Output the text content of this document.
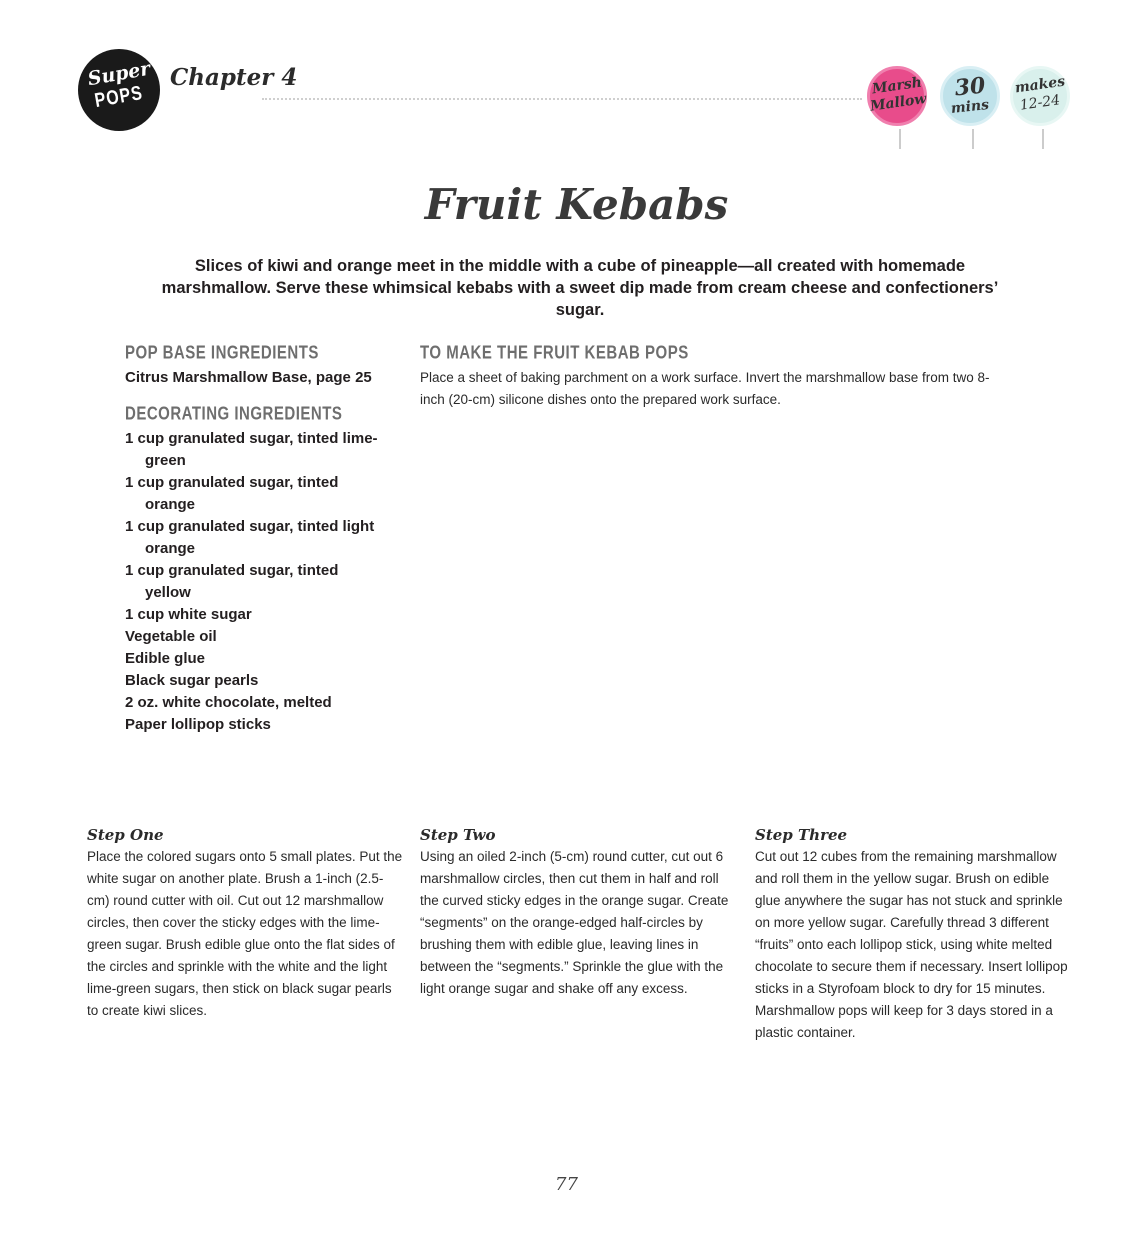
Super
POPS
Chapter 4	Marsh
Mallow
30
mins
makes
12-24
Fruit Kebabs
Slices of kiwi and orange meet in the middle with a cube of pineapple—all created with homemade marshmallow. Serve these whimsical kebabs with a sweet dip made from cream cheese and confectioners’ sugar.
POP BASE INGREDIENTS
Citrus Marshmallow Base, page 25
DECORATING INGREDIENTS
1 cup granulated sugar, tinted lime-green
1 cup granulated sugar, tinted orange
1 cup granulated sugar, tinted light orange
1 cup granulated sugar, tinted yellow
1 cup white sugar
Vegetable oil
Edible glue
Black sugar pearls
2 oz. white chocolate, melted
Paper lollipop sticks
TO MAKE THE FRUIT KEBAB POPS
Place a sheet of baking parchment on a work surface. Invert the marshmallow base from two 8-inch (20-cm) silicone dishes onto the prepared work surface.
Step One
Place the colored sugars onto 5 small plates. Put the white sugar on another plate. Brush a 1-inch (2.5-cm) round cutter with oil. Cut out 12 marshmallow circles, then cover the sticky edges with the lime-green sugar. Brush edible glue onto the flat sides of the circles and sprinkle with the white and the light lime-green sugars, then stick on black sugar pearls to create kiwi slices.
Step Two
Using an oiled 2-inch (5-cm) round cutter, cut out 6 marshmallow circles, then cut them in half and roll the curved sticky edges in the orange sugar. Create “segments” on the orange-edged half-circles by brushing them with edible glue, leaving lines in between the “segments.” Sprinkle the glue with the light orange sugar and shake off any excess.
Step Three
Cut out 12 cubes from the remaining marshmallow and roll them in the yellow sugar. Brush on edible glue anywhere the sugar has not stuck and sprinkle on more yellow sugar. Carefully thread 3 different “fruits” onto each lollipop stick, using white melted chocolate to secure them if necessary. Insert lollipop sticks in a Styrofoam block to dry for 15 minutes. Marshmallow pops will keep for 3 days stored in a plastic container.
77
